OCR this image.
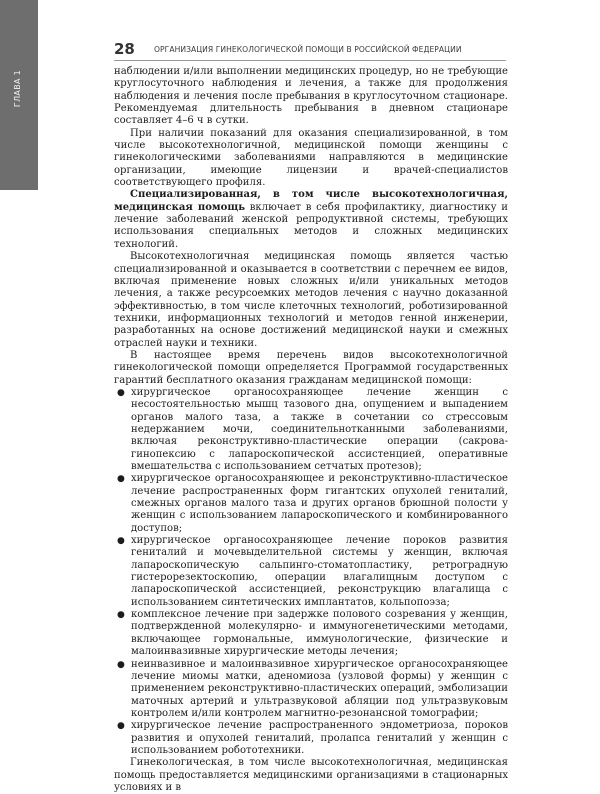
ГЛАВА 1
28	ОРГАНИЗАЦИЯ ГИНЕКОЛОГИЧЕСКОЙ ПОМОЩИ В РОССИЙСКОЙ ФЕДЕРАЦИИ

наблюдении и/или выполнении медицинских процедур, но не требующие круглосуточного наблюдения и лечения, а также для продолжения наблюдения и лечения после пребывания в круглосуточном стационаре. Рекомендуемая длительность пребывания в дневном стационаре составляет 4–6 ч в сутки.

При наличии показаний для оказания специализированной, в том числе высокотехнологичной, медицинской помощи женщины с гинекологическими заболеваниями направляются в медицинские организации, имеющие лицензии и врачей-специалистов соответствующего профиля.

Специализированная, в том числе высокотехнологичная, медицинская помощь включает в себя профилактику, диагностику и лечение заболеваний женской репродуктивной системы, требующих использования специальных методов и сложных медицинских технологий.

Высокотехнологичная медицинская помощь является частью специализированной и оказывается в соответствии с перечнем ее видов, включая применение новых сложных и/или уникальных методов лечения, а также ресурсоемких методов лечения с научно доказанной эффективностью, в том числе клеточных технологий, роботизированной техники, информационных технологий и методов генной инженерии, разработанных на основе достижений медицинской науки и смежных отраслей науки и техники.

В настоящее время перечень видов высокотехнологичной гинекологической помощи определяется Программой государственных гарантий бесплатного оказания гражданам медицинской помощи:

● хирургическое органосохраняющее лечение женщин с несостоятельностью мышц тазового дна, опущением и выпадением органов малого таза, а также в сочетании со стрессовым недержанием мочи, соединительнотканными заболеваниями, включая реконструктивно-пластические операции (сакровагинопексию с лапароскопической ассистенцией, оперативные вмешательства с использованием сетчатых протезов);
● хирургическое органосохраняющее и реконструктивно-пластическое лечение распространенных форм гигантских опухолей гениталий, смежных органов малого таза и других органов брюшной полости у женщин с использованием лапароскопического и комбинированного доступов;
● хирургическое органосохраняющее лечение пороков развития гениталий и мочевыделительной системы у женщин, включая лапароскопическую сальпинго-стоматопластику, ретроградную гистерорезектоскопию, операции влагалищным доступом с лапароскопической ассистенцией, реконструкцию влагалища с использованием синтетических имплантатов, кольпопоэза;
● комплексное лечение при задержке полового созревания у женщин, подтвержденной молекулярно- и иммуногенетическими методами, включающее гормональные, иммунологические, физические и малоинвазивные хирургические методы лечения;
● неинвазивное и малоинвазивное хирургическое органосохраняющее лечение миомы матки, аденомиоза (узловой формы) у женщин с применением реконструктивно-пластических операций, эмболизации маточных артерий и ультразвуковой абляции под ультразвуковым контролем и/или контролем магнитно-резонансной томографии;
● хирургическое лечение распространенного эндометриоза, пороков развития и опухолей гениталий, пролапса гениталий у женщин с использованием робототехники.

Гинекологическая, в том числе высокотехнологичная, медицинская помощь предоставляется медицинскими организациями в стационарных условиях и в
